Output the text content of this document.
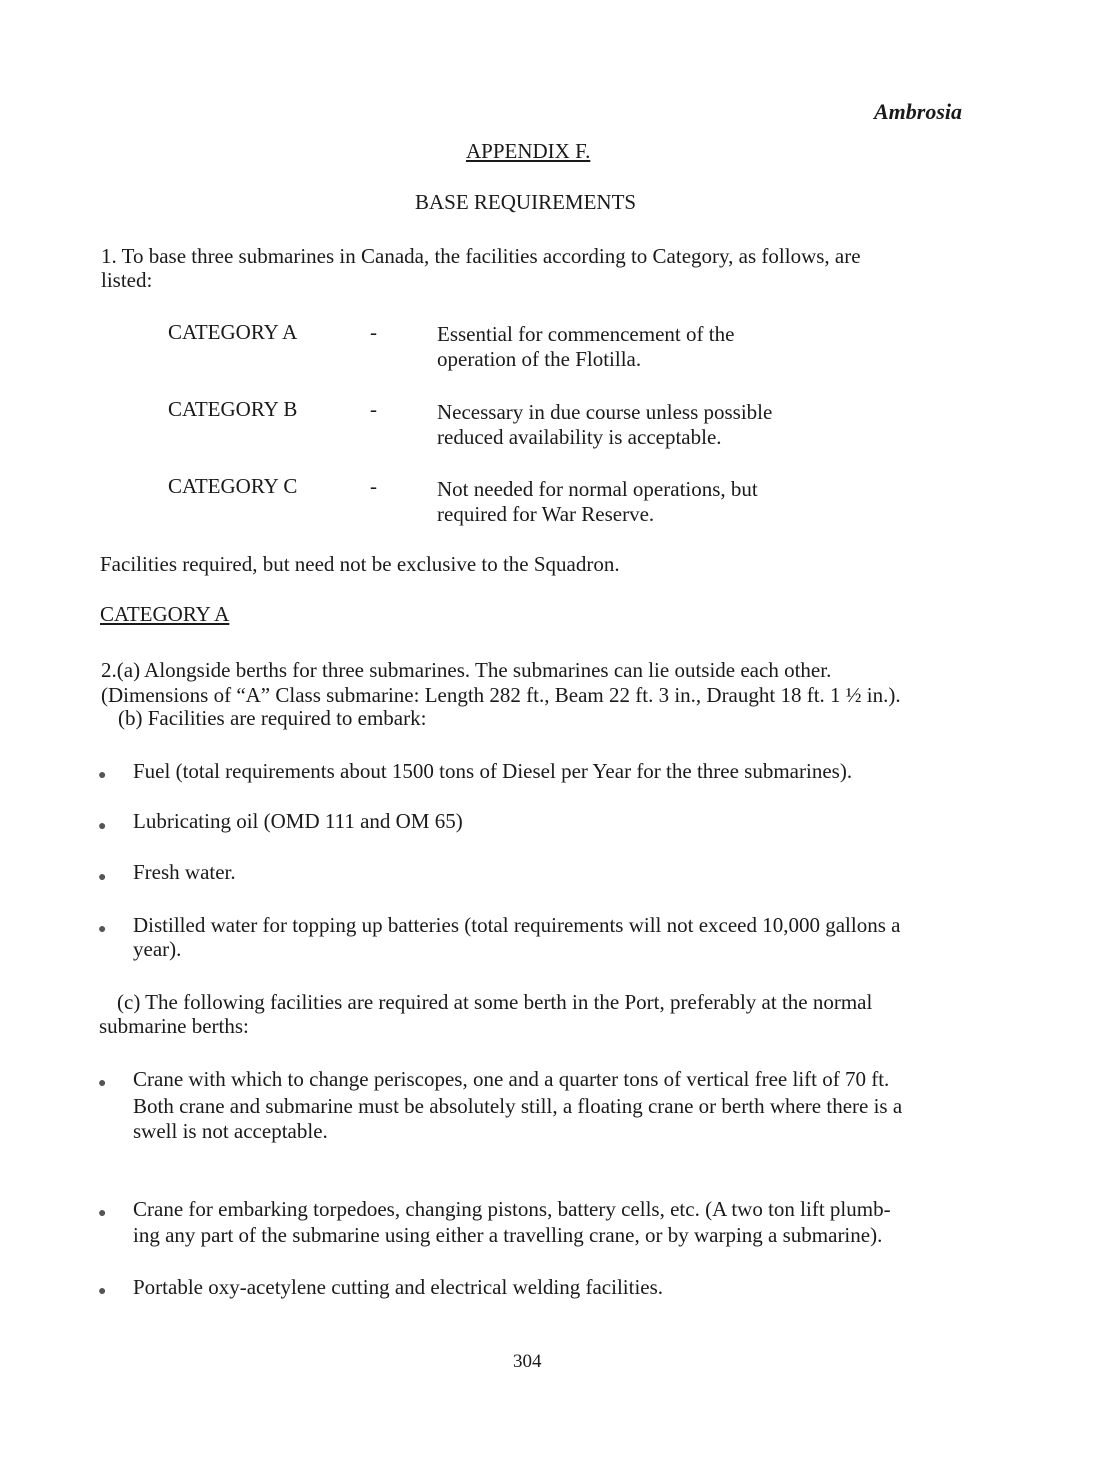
Ambrosia
APPENDIX F.
BASE REQUIREMENTS
1. To base three submarines in Canada, the facilities according to Category, as follows, are
listed:
CATEGORY A	-	Essential for commencement of the
operation of the Flotilla.
CATEGORY B	-	Necessary in due course unless possible
reduced availability is acceptable.
CATEGORY C	-	Not needed for normal operations, but
required for War Reserve.
Facilities required, but need not be exclusive to the Squadron.
CATEGORY A
2.(a) Alongside berths for three submarines. The submarines can lie outside each other.
(Dimensions of “A” Class submarine: Length 282 ft., Beam 22 ft. 3 in., Draught 18 ft. 1 ½ in.).
(b) Facilities are required to embark:
● Fuel (total requirements about 1500 tons of Diesel per Year for the three submarines).
● Lubricating oil (OMD 111 and OM 65)
● Fresh water.
● Distilled water for topping up batteries (total requirements will not exceed 10,000 gallons a
year).
(c) The following facilities are required at some berth in the Port, preferably at the normal
submarine berths:
● Crane with which to change periscopes, one and a quarter tons of vertical free lift of 70 ft.
Both crane and submarine must be absolutely still, a floating crane or berth where there is a
swell is not acceptable.
● Crane for embarking torpedoes, changing pistons, battery cells, etc. (A two ton lift plumb-
ing any part of the submarine using either a travelling crane, or by warping a submarine).
● Portable oxy-acetylene cutting and electrical welding facilities.
304
